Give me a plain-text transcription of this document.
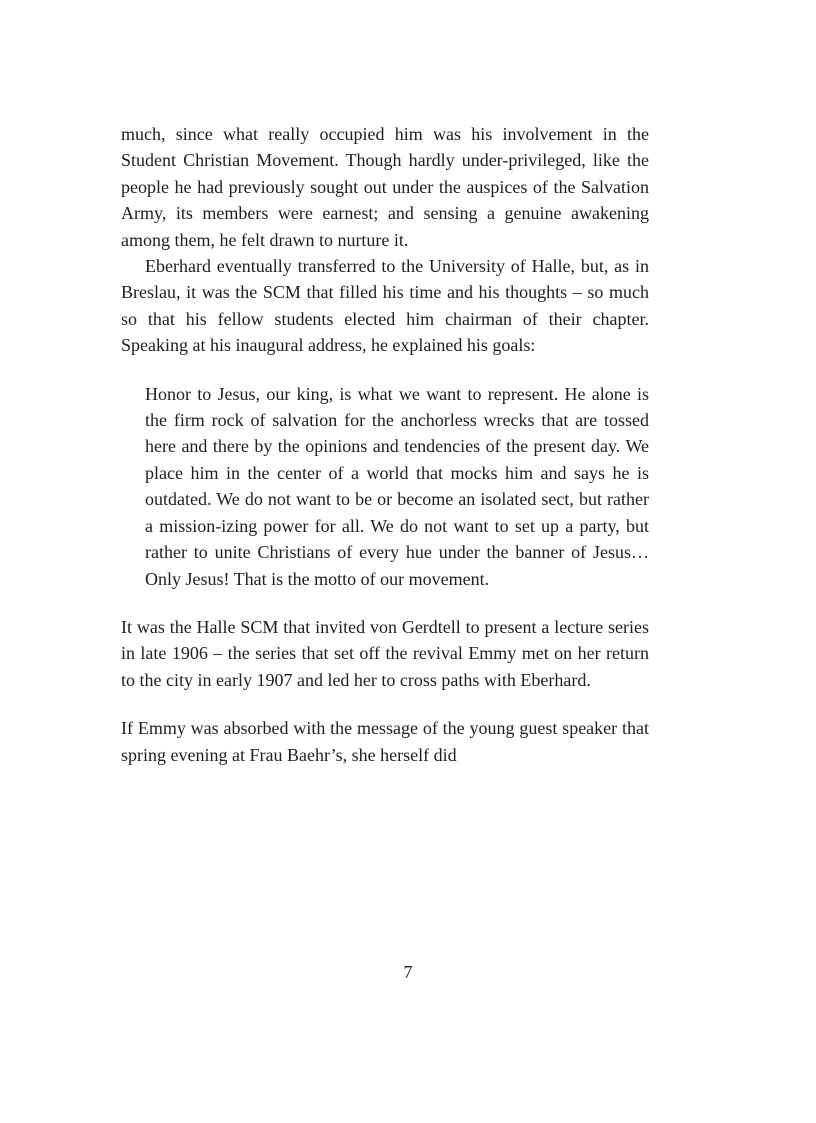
much, since what really occupied him was his involvement in the Student Christian Movement. Though hardly under-privileged, like the people he had previously sought out under the auspices of the Salvation Army, its members were earnest; and sensing a genuine awakening among them, he felt drawn to nurture it.

Eberhard eventually transferred to the University of Halle, but, as in Breslau, it was the SCM that filled his time and his thoughts – so much so that his fellow students elected him chairman of their chapter. Speaking at his inaugural address, he explained his goals:

Honor to Jesus, our king, is what we want to represent. He alone is the firm rock of salvation for the anchorless wrecks that are tossed here and there by the opinions and tendencies of the present day. We place him in the center of a world that mocks him and says he is outdated. We do not want to be or become an isolated sect, but rather a mission-izing power for all. We do not want to set up a party, but rather to unite Christians of every hue under the banner of Jesus…Only Jesus! That is the motto of our movement.

It was the Halle SCM that invited von Gerdtell to present a lecture series in late 1906 – the series that set off the revival Emmy met on her return to the city in early 1907 and led her to cross paths with Eberhard.

If Emmy was absorbed with the message of the young guest speaker that spring evening at Frau Baehr’s, she herself did

7
